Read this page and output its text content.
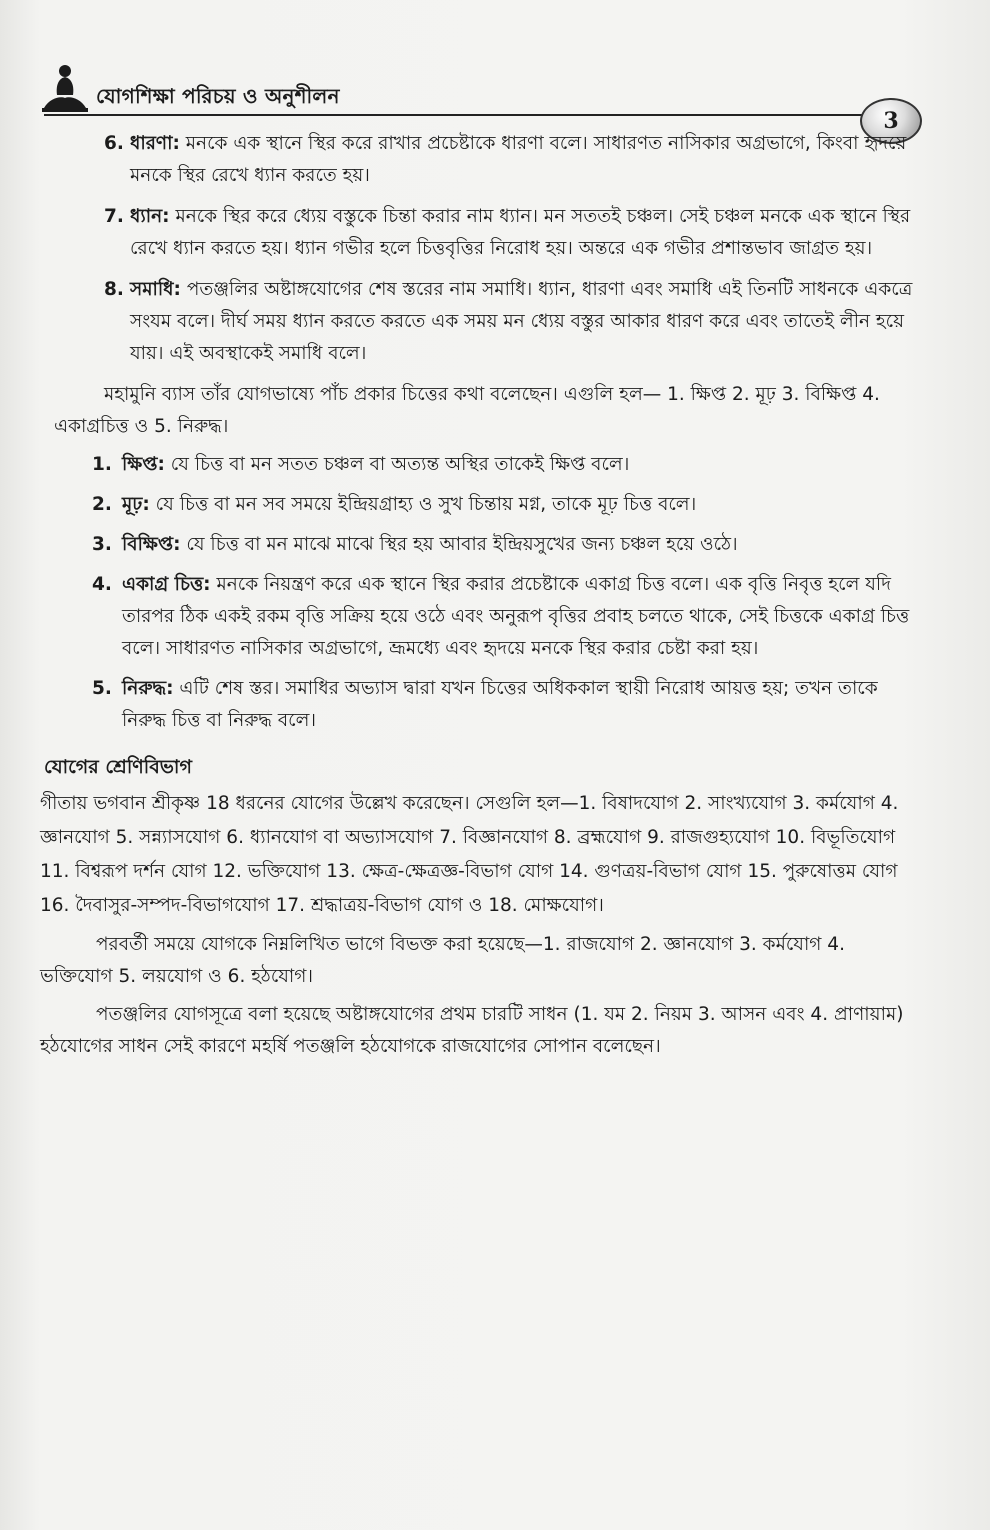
যোগশিক্ষা পরিচয় ও অনুশীলন
3
6. ধারণা: মনকে এক স্থানে স্থির করে রাখার প্রচেষ্টাকে ধারণা বলে। সাধারণত নাসিকার অগ্রভাগে, কিংবা হৃদয়ে মনকে স্থির রেখে ধ্যান করতে হয়।
7. ধ্যান: মনকে স্থির করে ধ্যেয় বস্তুকে চিন্তা করার নাম ধ্যান। মন সততই চঞ্চল। সেই চঞ্চল মনকে এক স্থানে স্থির রেখে ধ্যান করতে হয়। ধ্যান গভীর হলে চিত্তবৃত্তির নিরোধ হয়। অন্তরে এক গভীর প্রশান্তভাব জাগ্রত হয়।
8. সমাধি: পতঞ্জলির অষ্টাঙ্গযোগের শেষ স্তরের নাম সমাধি। ধ্যান, ধারণা এবং সমাধি এই তিনটি সাধনকে একত্রে সংযম বলে। দীর্ঘ সময় ধ্যান করতে করতে এক সময় মন ধ্যেয় বস্তুর আকার ধারণ করে এবং তাতেই লীন হয়ে যায়। এই অবস্থাকেই সমাধি বলে।

মহামুনি ব্যাস তাঁর যোগভাষ্যে পাঁচ প্রকার চিত্তের কথা বলেছেন। এগুলি হল— 1. ক্ষিপ্ত 2. মূঢ় 3. বিক্ষিপ্ত 4. একাগ্রচিত্ত ও 5. নিরুদ্ধ।

1. ক্ষিপ্ত: যে চিত্ত বা মন সতত চঞ্চল বা অত্যন্ত অস্থির তাকেই ক্ষিপ্ত বলে।
2. মূঢ়: যে চিত্ত বা মন সব সময়ে ইন্দ্রিয়গ্রাহ্য ও সুখ চিন্তায় মগ্ন, তাকে মূঢ় চিত্ত বলে।
3. বিক্ষিপ্ত: যে চিত্ত বা মন মাঝে মাঝে স্থির হয় আবার ইন্দ্রিয়সুখের জন্য চঞ্চল হয়ে ওঠে।
4. একাগ্র চিত্ত: মনকে নিয়ন্ত্রণ করে এক স্থানে স্থির করার প্রচেষ্টাকে একাগ্র চিত্ত বলে। এক বৃত্তি নিবৃত্ত হলে যদি তারপর ঠিক একই রকম বৃত্তি সক্রিয় হয়ে ওঠে এবং অনুরূপ বৃত্তির প্রবাহ চলতে থাকে, সেই চিত্তকে একাগ্র চিত্ত বলে। সাধারণত নাসিকার অগ্রভাগে, ভ্রূমধ্যে এবং হৃদয়ে মনকে স্থির করার চেষ্টা করা হয়।
5. নিরুদ্ধ: এটি শেষ স্তর। সমাধির অভ্যাস দ্বারা যখন চিত্তের অধিককাল স্থায়ী নিরোধ আয়ত্ত হয়; তখন তাকে নিরুদ্ধ চিত্ত বা নিরুদ্ধ বলে।
যোগের শ্রেণিবিভাগ

গীতায় ভগবান শ্রীকৃষ্ণ 18 ধরনের যোগের উল্লেখ করেছেন। সেগুলি হল—1. বিষাদযোগ 2. সাংখ্যযোগ 3. কর্মযোগ 4. জ্ঞানযোগ 5. সন্ন্যাসযোগ 6. ধ্যানযোগ বা অভ্যাসযোগ 7. বিজ্ঞানযোগ 8. ব্রহ্মযোগ 9. রাজগুহ্যযোগ 10. বিভূতিযোগ 11. বিশ্বরূপ দর্শন যোগ 12. ভক্তিযোগ 13. ক্ষেত্র-ক্ষেত্রজ্ঞ-বিভাগ যোগ 14. গুণত্রয়-বিভাগ যোগ 15. পুরুষোত্তম যোগ 16. দৈবাসুর-সম্পদ-বিভাগযোগ 17. শ্রদ্ধাত্রয়-বিভাগ যোগ ও 18. মোক্ষযোগ।

পরবর্তী সময়ে যোগকে নিম্নলিখিত ভাগে বিভক্ত করা হয়েছে—1. রাজযোগ 2. জ্ঞানযোগ 3. কর্মযোগ 4. ভক্তিযোগ 5. লয়যোগ ও 6. হঠযোগ।

পতঞ্জলির যোগসূত্রে বলা হয়েছে অষ্টাঙ্গযোগের প্রথম চারটি সাধন (1. যম 2. নিয়ম 3. আসন এবং 4. প্রাণায়াম) হঠযোগের সাধন সেই কারণে মহর্ষি পতঞ্জলি হঠযোগকে রাজযোগের সোপান বলেছেন।
